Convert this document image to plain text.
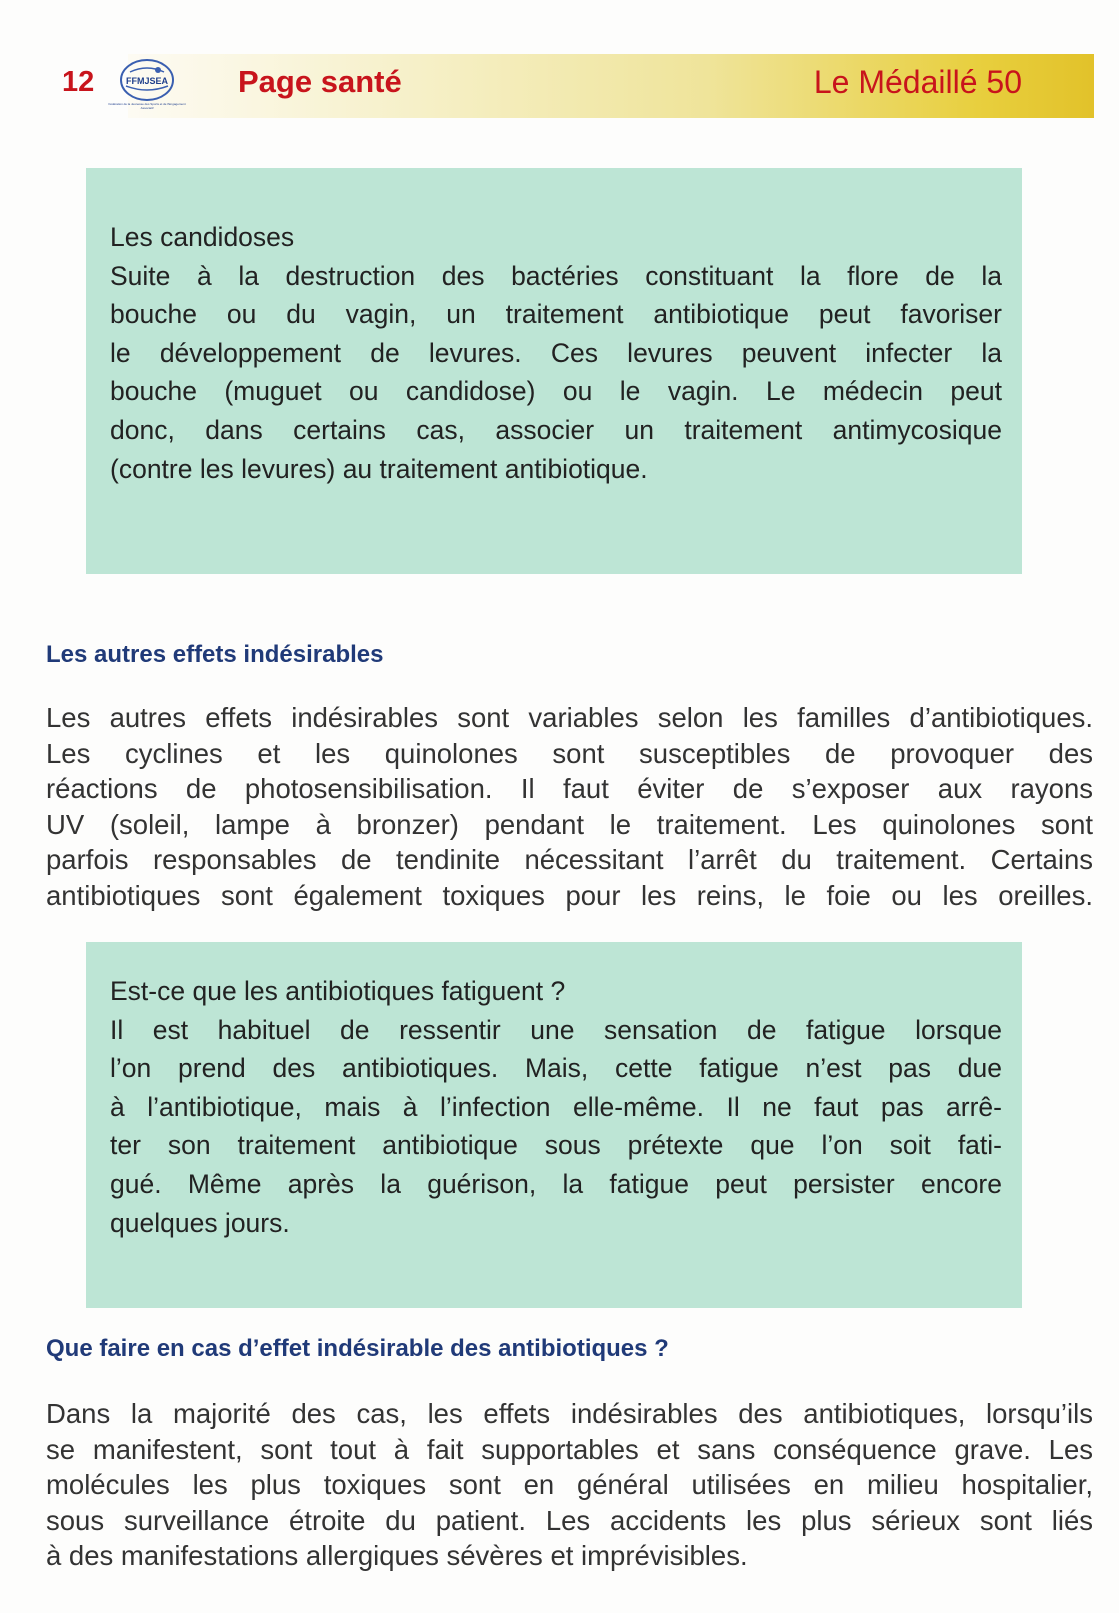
12	FFMJSEA
Fédération de la Jeunesse des Sports et de l'Engagement Associatif
Page santé	Le Médaillé 50

Les candidoses
Suite à la destruction des bactéries constituant la flore de la
bouche ou du vagin, un traitement antibiotique peut favoriser
le développement de levures. Ces levures peuvent infecter la
bouche (muguet ou candidose) ou le vagin. Le médecin peut
donc, dans certains cas, associer un traitement antimycosique
(contre les levures) au traitement antibiotique.

Les autres effets indésirables

Les autres effets indésirables sont variables selon les familles d’antibiotiques.
Les cyclines et les quinolones sont susceptibles de provoquer des
réactions de photosensibilisation. Il faut éviter de s’exposer aux rayons
UV (soleil, lampe à bronzer) pendant le traitement. Les quinolones sont
parfois responsables de tendinite nécessitant l’arrêt du traitement. Certains
antibiotiques sont également toxiques pour les reins, le foie ou les oreilles.

Est-ce que les antibiotiques fatiguent ?
Il est habituel de ressentir une sensation de fatigue lorsque
l’on prend des antibiotiques. Mais, cette fatigue n’est pas due
à l’antibiotique, mais à l’infection elle-même. Il ne faut pas arrê-
ter son traitement antibiotique sous prétexte que l’on soit fati-
gué. Même après la guérison, la fatigue peut persister encore
quelques jours.

Que faire en cas d’effet indésirable des antibiotiques ?

Dans la majorité des cas, les effets indésirables des antibiotiques, lorsqu’ils
se manifestent, sont tout à fait supportables et sans conséquence grave. Les
molécules les plus toxiques sont en général utilisées en milieu hospitalier,
sous surveillance étroite du patient. Les accidents les plus sérieux sont liés
à des manifestations allergiques sévères et imprévisibles.
